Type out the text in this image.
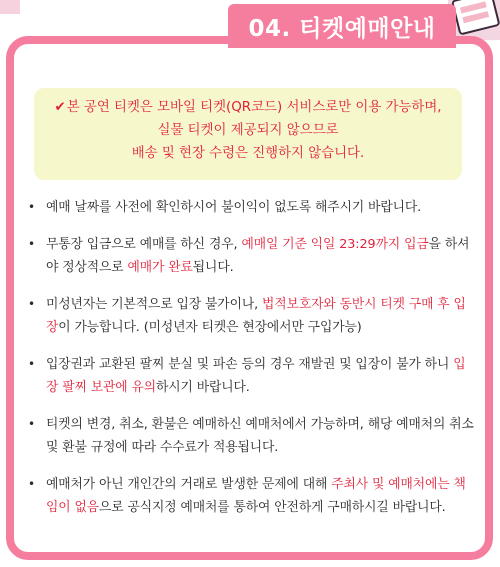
04. 티켓예매안내
✔본 공연 티켓은 모바일 티켓(QR코드) 서비스로만 이용 가능하며,
실물 티켓이 제공되지 않으므로
배송 및 현장 수령은 진행하지 않습니다.
• 예매 날짜를 사전에 확인하시어 불이익이 없도록 해주시기 바랍니다.
• 무통장 입금으로 예매를 하신 경우, 예매일 기준 익일 23:29까지 입금을 하셔야 정상적으로 예매가 완료됩니다.
• 미성년자는 기본적으로 입장 불가이나, 법적보호자와 동반시 티켓 구매 후 입장이 가능합니다. (미성년자 티켓은 현장에서만 구입가능)
• 입장권과 교환된 팔찌 분실 및 파손 등의 경우 재발권 및 입장이 불가 하니 입장 팔찌 보관에 유의하시기 바랍니다.
• 티켓의 변경, 취소, 환불은 예매하신 예매처에서 가능하며, 해당 예매처의 취소 및 환불 규정에 따라 수수료가 적용됩니다.
• 예매처가 아닌 개인간의 거래로 발생한 문제에 대해 주최사 및 예매처에는 책임이 없음으로 공식지정 예매처를 통하여 안전하게 구매하시길 바랍니다.
